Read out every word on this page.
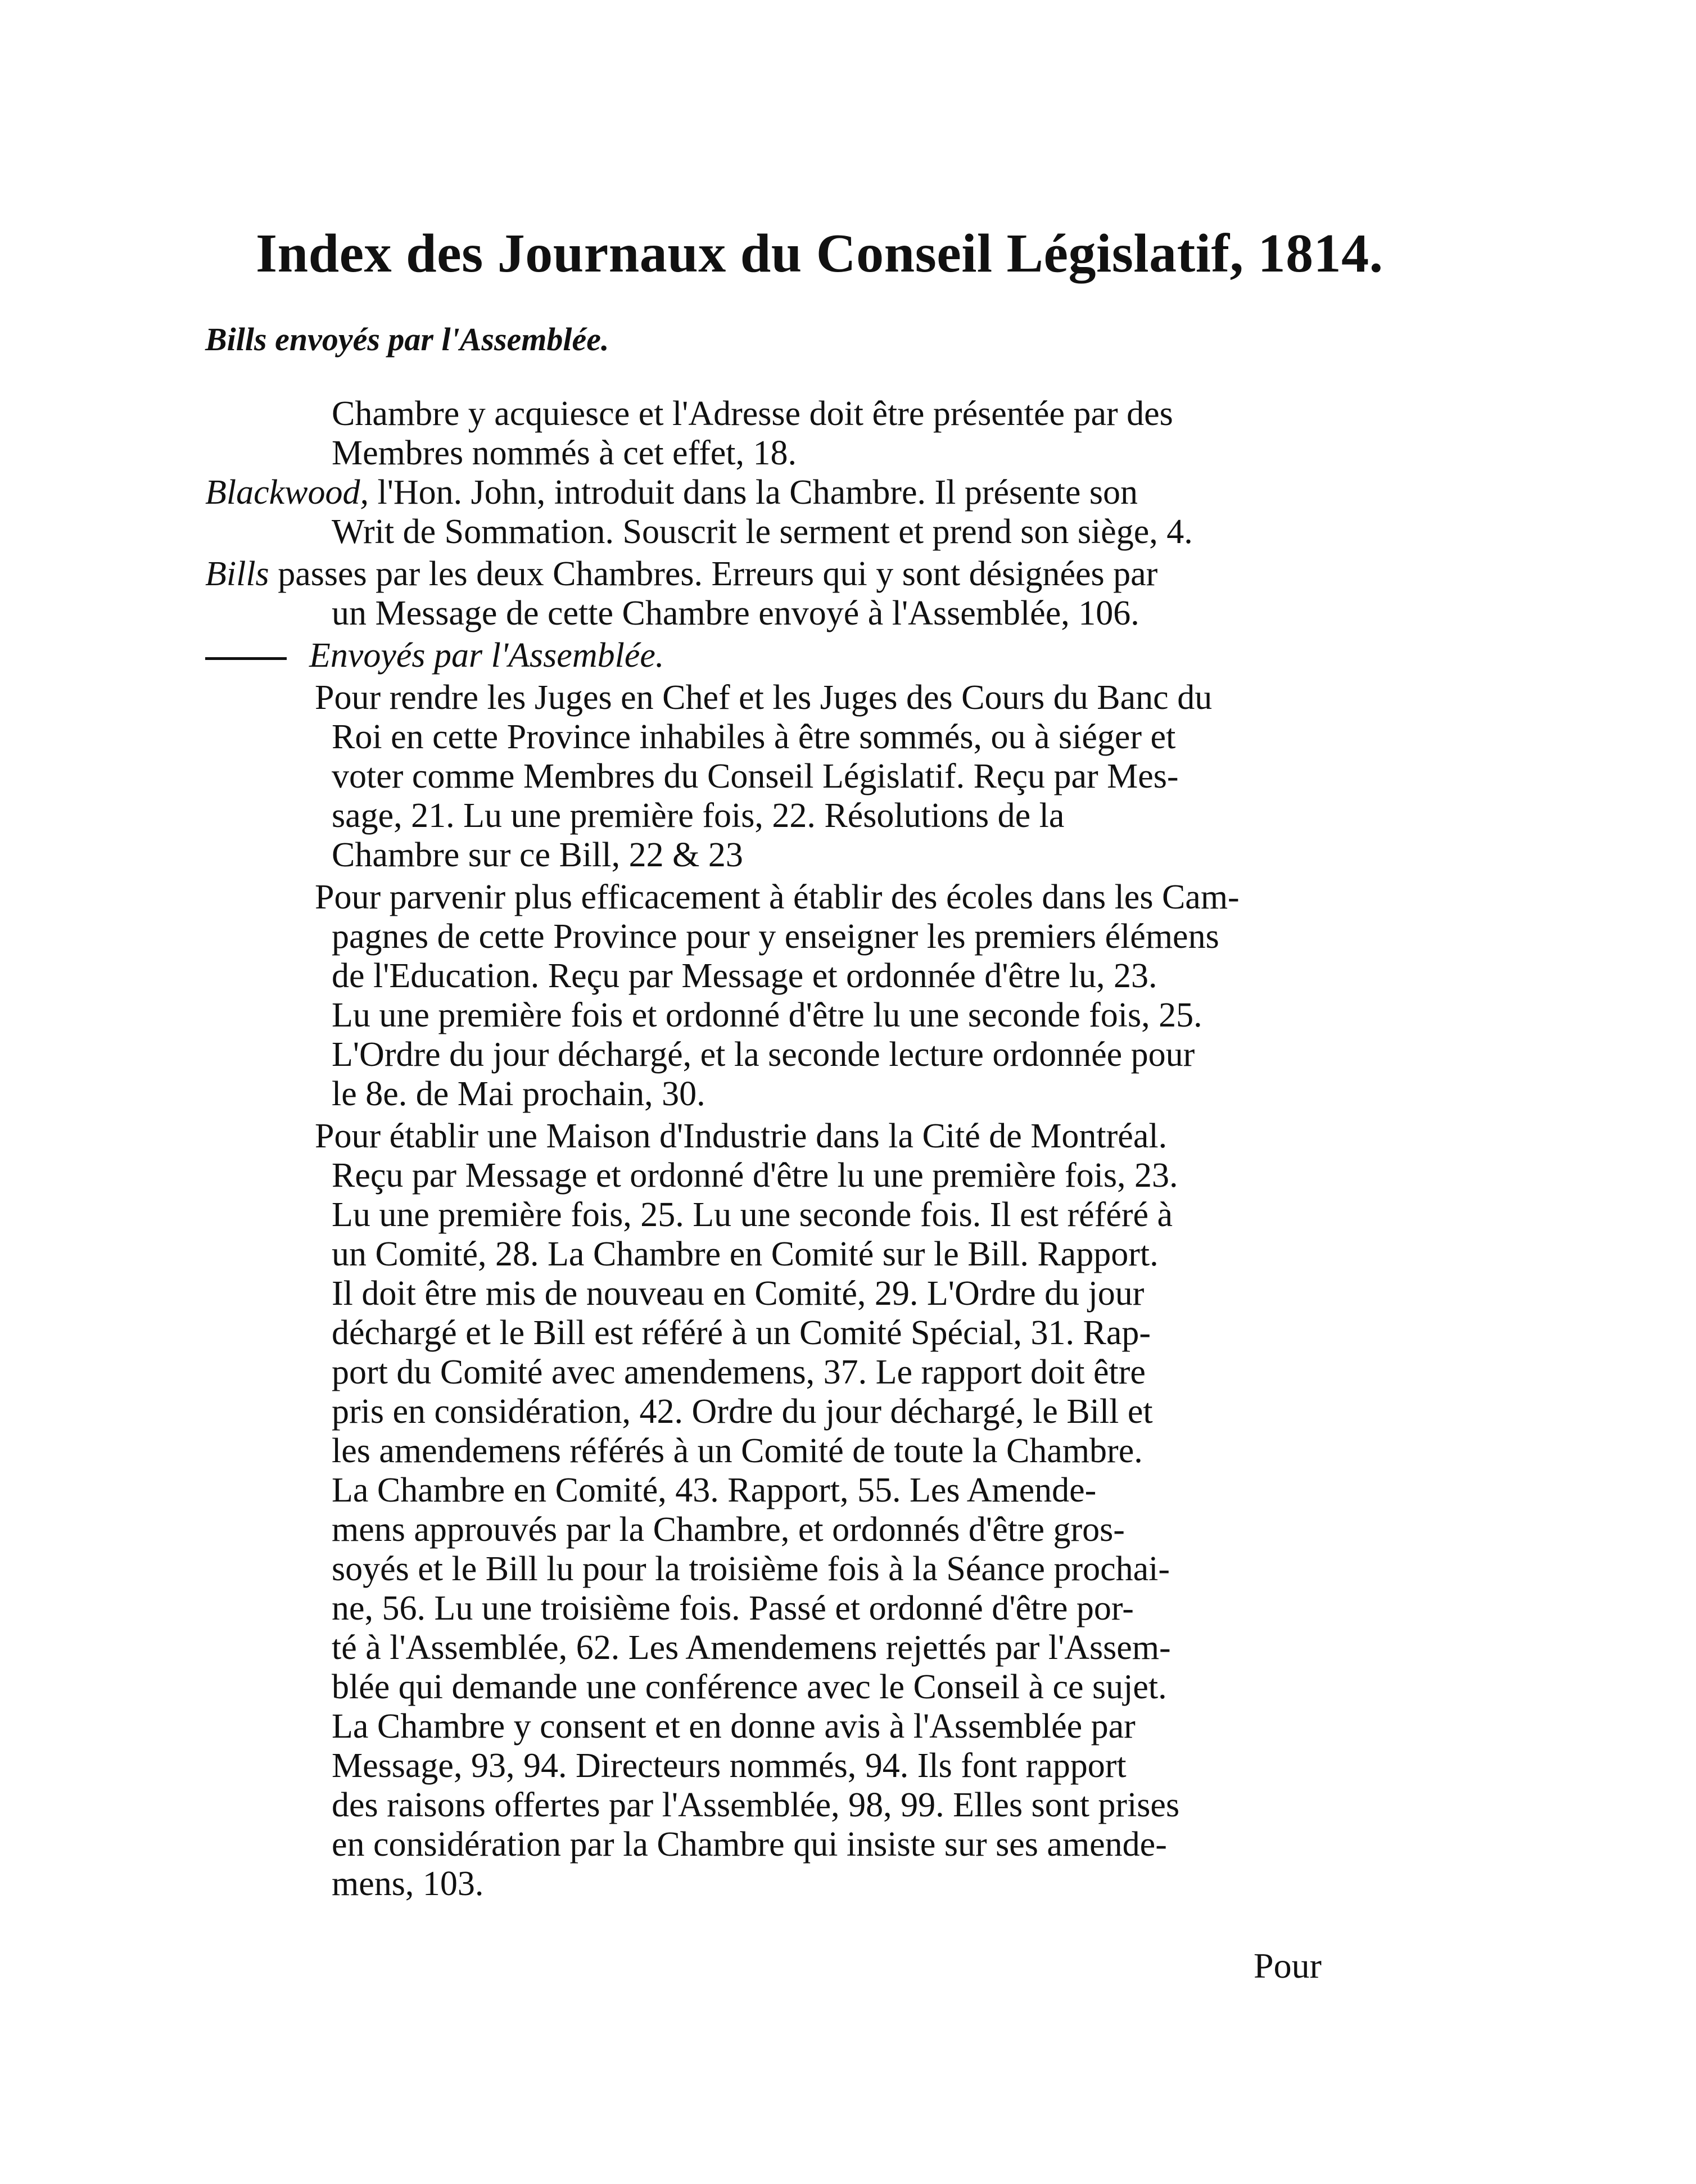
Index des Journaux du Conseil Législatif, 1814.
Bills envoyés par l'Assemblée.
Chambre y acquiesce et l'Adresse doit être présentée par des
Membres nommés à cet effet, 18.
Blackwood, l'Hon. John, introduit dans la Chambre. Il présente son
Writ de Sommation. Souscrit le serment et prend son siège, 4.
Bills passes par les deux Chambres. Erreurs qui y sont désignées par
un Message de cette Chambre envoyé à l'Assemblée, 106.
Envoyés par l'Assemblée.
Pour rendre les Juges en Chef et les Juges des Cours du Banc du
Roi en cette Province inhabiles à être sommés, ou à siéger et
voter comme Membres du Conseil Législatif. Reçu par Mes-
sage, 21. Lu une première fois, 22. Résolutions de la
Chambre sur ce Bill, 22 & 23
Pour parvenir plus efficacement à établir des écoles dans les Cam-
pagnes de cette Province pour y enseigner les premiers élémens
de l'Education. Reçu par Message et ordonnée d'être lu, 23.
Lu une première fois et ordonné d'être lu une seconde fois, 25.
L'Ordre du jour déchargé, et la seconde lecture ordonnée pour
le 8e. de Mai prochain, 30.
Pour établir une Maison d'Industrie dans la Cité de Montréal.
Reçu par Message et ordonné d'être lu une première fois, 23.
Lu une première fois, 25. Lu une seconde fois. Il est référé à
un Comité, 28. La Chambre en Comité sur le Bill. Rapport.
Il doit être mis de nouveau en Comité, 29. L'Ordre du jour
déchargé et le Bill est référé à un Comité Spécial, 31. Rap-
port du Comité avec amendemens, 37. Le rapport doit être
pris en considération, 42. Ordre du jour déchargé, le Bill et
les amendemens référés à un Comité de toute la Chambre.
La Chambre en Comité, 43. Rapport, 55. Les Amende-
mens approuvés par la Chambre, et ordonnés d'être gros-
soyés et le Bill lu pour la troisième fois à la Séance prochai-
ne, 56. Lu une troisième fois. Passé et ordonné d'être por-
té à l'Assemblée, 62. Les Amendemens rejettés par l'Assem-
blée qui demande une conférence avec le Conseil à ce sujet.
La Chambre y consent et en donne avis à l'Assemblée par
Message, 93, 94. Directeurs nommés, 94. Ils font rapport
des raisons offertes par l'Assemblée, 98, 99. Elles sont prises
en considération par la Chambre qui insiste sur ses amende-
mens, 103.
Pour
